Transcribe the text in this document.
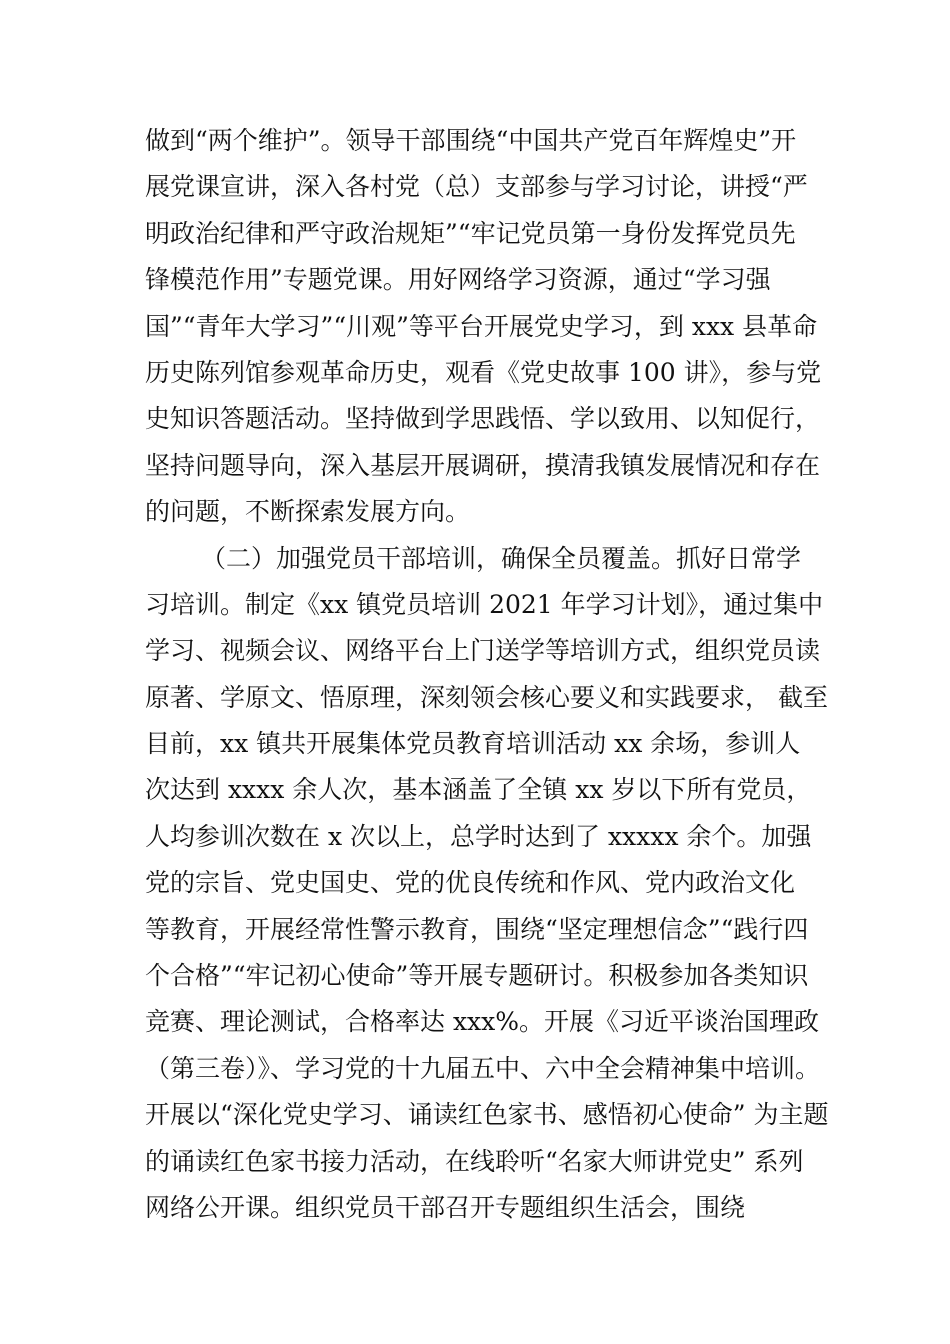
做到“两个维护”。领导干部围绕“中国共产党百年辉煌史”开
展党课宣讲，深入各村党（总）支部参与学习讨论，讲授“严
明政治纪律和严守政治规矩”“牢记党员第一身份发挥党员先
锋模范作用”专题党课。用好网络学习资源，通过“学习强
国”“青年大学习”“川观”等平台开展党史学习，到 xxx 县革命
历史陈列馆参观革命历史，观看《党史故事 100 讲》，参与党
史知识答题活动。坚持做到学思践悟、学以致用、以知促行，
坚持问题导向，深入基层开展调研，摸清我镇发展情况和存在
的问题，不断探索发展方向。
（二）加强党员干部培训，确保全员覆盖。抓好日常学
习培训。制定《xx 镇党员培训 2021 年学习计划》，通过集中
学习、视频会议、网络平台上门送学等培训方式，组织党员读
原著、学原文、悟原理，深刻领会核心要义和实践要求， 截至
目前，xx 镇共开展集体党员教育培训活动 xx 余场，参训人
次达到 xxxx 余人次，基本涵盖了全镇 xx 岁以下所有党员，
人均参训次数在 x 次以上，总学时达到了 xxxxx 余个。加强
党的宗旨、党史国史、党的优良传统和作风、党内政治文化
等教育，开展经常性警示教育，围绕“坚定理想信念”“践行四
个合格”“牢记初心使命”等开展专题研讨。积极参加各类知识
竞赛、理论测试，合格率达 xxx%。开展《习近平谈治国理政
（第三卷）》、学习党的十九届五中、六中全会精神集中培训。
开展以“深化党史学习、诵读红色家书、感悟初心使命” 为主题
的诵读红色家书接力活动，在线聆听“名家大师讲党史” 系列
网络公开课。组织党员干部召开专题组织生活会，围绕
